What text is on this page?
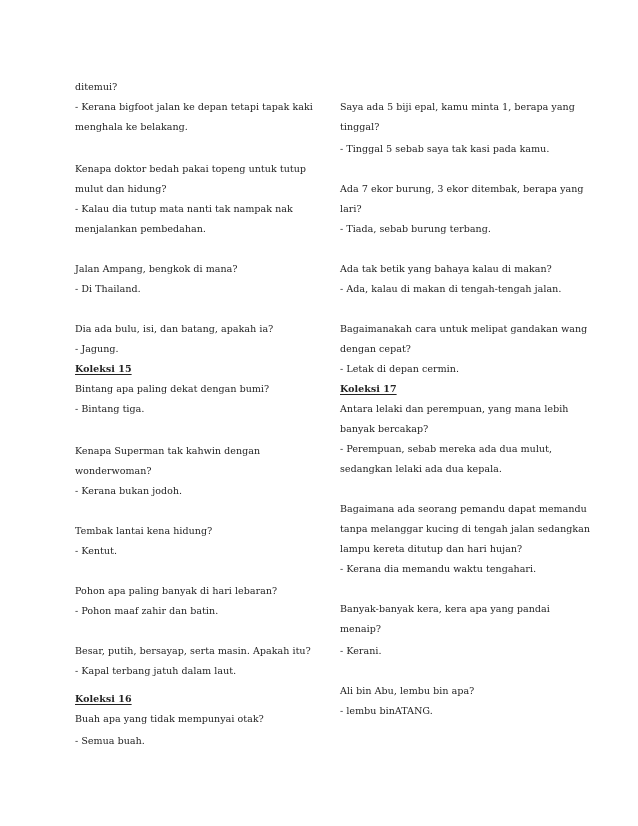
ditemui?
- Kerana bigfoot jalan ke depan tetapi tapak kaki
menghala ke belakang.
Kenapa doktor bedah pakai topeng untuk tutup
mulut dan hidung?
- Kalau dia tutup mata nanti tak nampak nak
menjalankan pembedahan.
Jalan Ampang, bengkok di mana?
- Di Thailand.
Dia ada bulu, isi, dan batang, apakah ia?
- Jagung.
Koleksi 15
Bintang apa paling dekat dengan bumi?
- Bintang tiga.
Kenapa Superman tak kahwin dengan
wonderwoman?
- Kerana bukan jodoh.
Tembak lantai kena hidung?
- Kentut.
Pohon apa paling banyak di hari lebaran?
- Pohon maaf zahir dan batin.
Besar, putih, bersayap, serta masin. Apakah itu?
- Kapal terbang jatuh dalam laut.
Koleksi 16
Buah apa yang tidak mempunyai otak?
- Semua buah.
Saya ada 5 biji epal, kamu minta 1, berapa yang
tinggal?
- Tinggal 5 sebab saya tak kasi pada kamu.
Ada 7 ekor burung, 3 ekor ditembak, berapa yang
lari?
- Tiada, sebab burung terbang.
Ada tak betik yang bahaya kalau di makan?
- Ada, kalau di makan di tengah-tengah jalan.
Bagaimanakah cara untuk melipat gandakan wang
dengan cepat?
- Letak di depan cermin.
Koleksi 17
Antara lelaki dan perempuan, yang mana lebih
banyak bercakap?
- Perempuan, sebab mereka ada dua mulut,
sedangkan lelaki ada dua kepala.
Bagaimana ada seorang pemandu dapat memandu
tanpa melanggar kucing di tengah jalan sedangkan
lampu kereta ditutup dan hari hujan?
- Kerana dia memandu waktu tengahari.
Banyak-banyak kera, kera apa yang pandai
menaip?
- Kerani.
Ali bin Abu, lembu bin apa?
- lembu binATANG.
